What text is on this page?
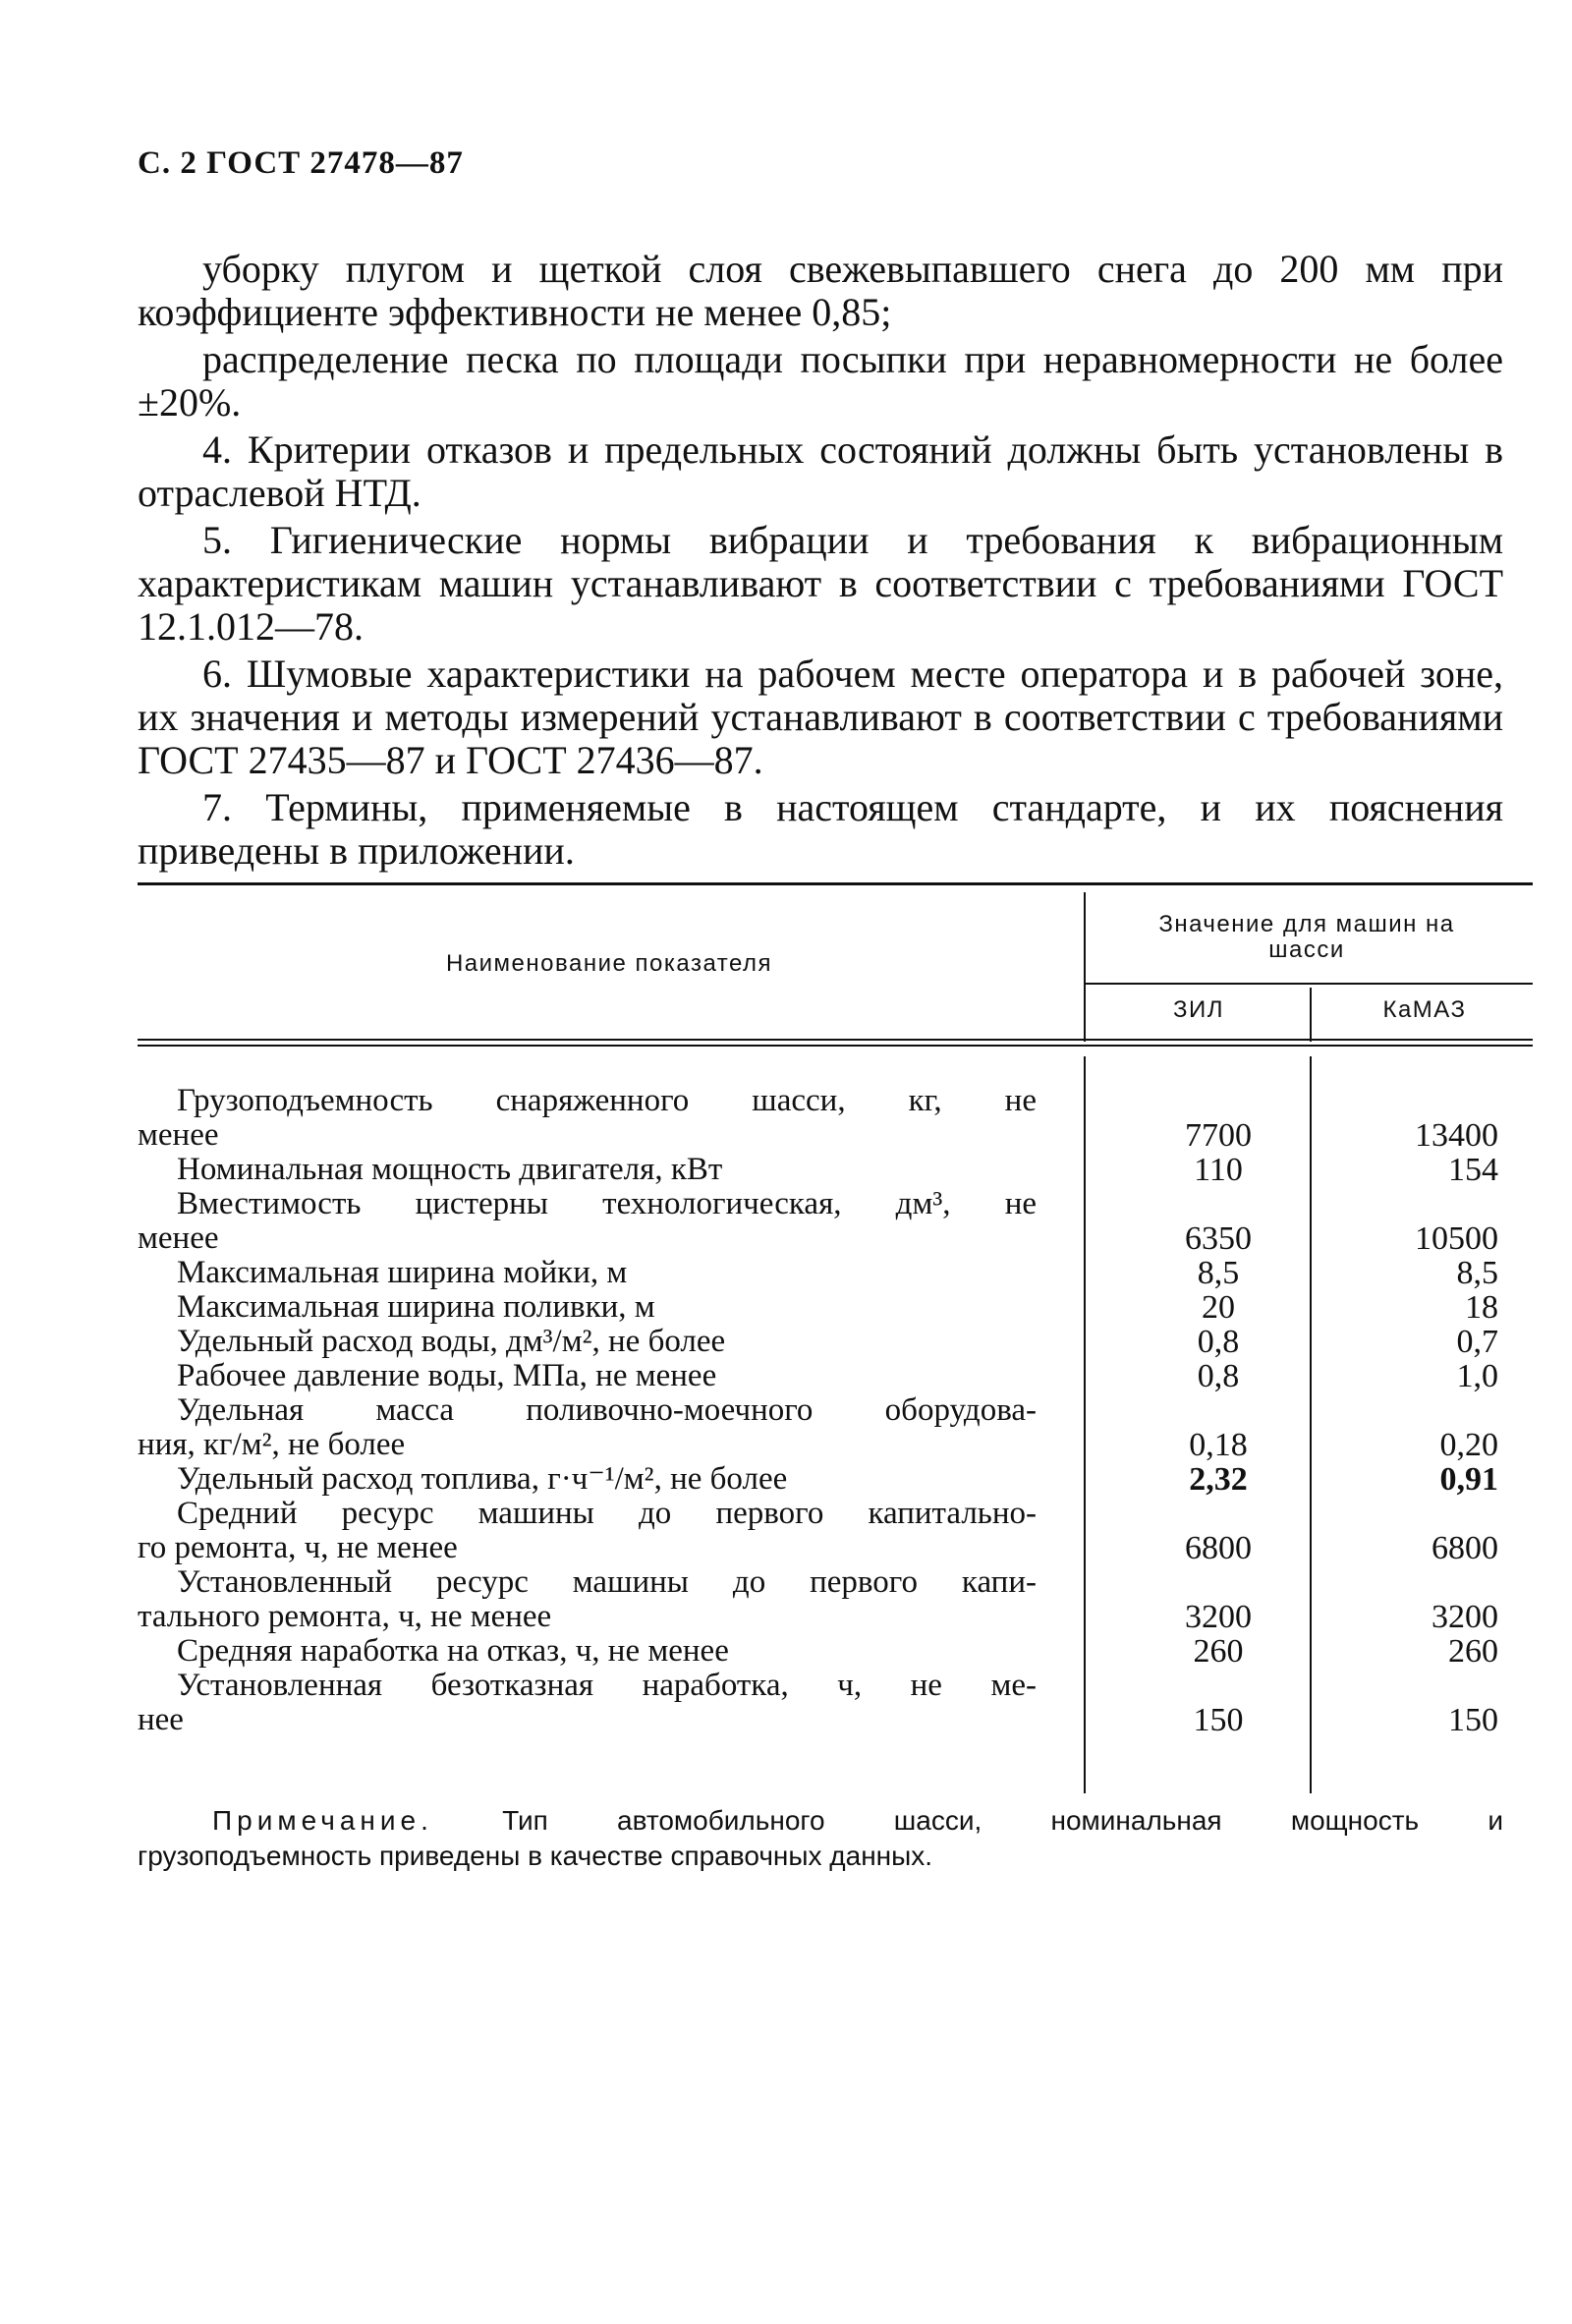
С. 2 ГОСТ 27478—87

уборку плугом и щеткой слоя свежевыпавшего снега до 200 мм при коэффициенте эффективности не менее 0,85;

распределение песка по площади посыпки при неравномерности не более ±20%.

4. Критерии отказов и предельных состояний должны быть установлены в отраслевой НТД.

5. Гигиенические нормы вибрации и требования к вибрационным характеристикам машин устанавливают в соответствии с требованиями ГОСТ 12.1.012—78.

6. Шумовые характеристики на рабочем месте оператора и в рабочей зоне, их значения и методы измерений устанавливают в соответствии с требованиями ГОСТ 27435—87 и ГОСТ 27436—87.

7. Термины, применяемые в настоящем стандарте, и их пояснения приведены в приложении.

Наименование показателя
Значение для машин на шасси
ЗИЛ	КаМАЗ
Грузоподъемность снаряженного шасси, кг, не
менее	7700	13400
Номинальная мощность двигателя, кВт	110	154
Вместимость цистерны технологическая, дм³, не
менее	6350	10500
Максимальная ширина мойки, м	8,5	8,5
Максимальная ширина поливки, м	20	18
Удельный расход воды, дм³/м², не более	0,8	0,7
Рабочее давление воды, МПа, не менее	0,8	1,0
Удельная масса поливочно-моечного оборудова-
ния, кг/м², не более	0,18	0,20
Удельный расход топлива, г·ч⁻¹/м², не более	2,32	0,91
Средний ресурс машины до первого капитально-
го ремонта, ч, не менее	6800	6800
Установленный ресурс машины до первого капи-
тального ремонта, ч, не менее	3200	3200
Средняя наработка на отказ, ч, не менее	260	260
Установленная безотказная наработка, ч, не ме-
нее	150	150
Примечание.	Тип автомобильного шасси, номинальная мощность и
грузоподъемность приведены в качестве справочных данных.
